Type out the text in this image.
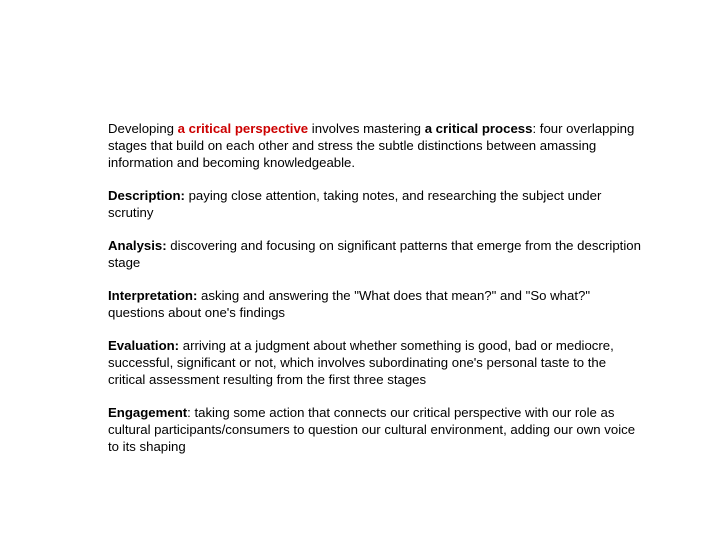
Developing a critical perspective involves mastering a critical process: four overlapping stages that build on each other and stress the subtle distinctions between amassing information and becoming knowledgeable.

Description: paying close attention, taking notes, and researching the subject under scrutiny

Analysis: discovering and focusing on significant patterns that emerge from the description stage

Interpretation: asking and answering the "What does that mean?" and "So what?" questions about one's findings

Evaluation: arriving at a judgment about whether something is good, bad or mediocre, successful, significant or not, which involves subordinating one's personal taste to the critical assessment resulting from the first three stages

Engagement: taking some action that connects our critical perspective with our role as cultural participants/consumers to question our cultural environment, adding our own voice to its shaping
